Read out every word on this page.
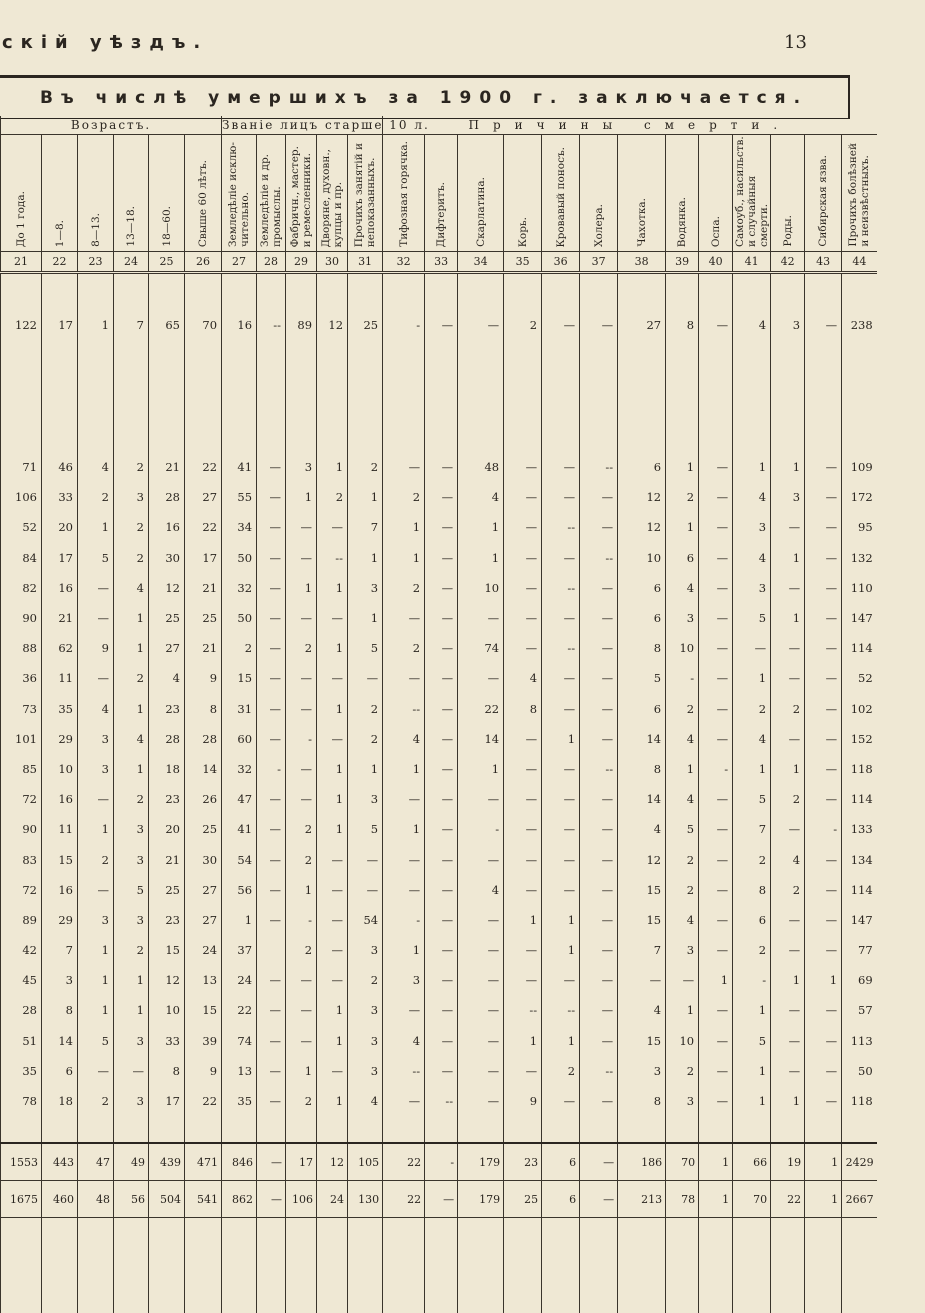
скій уѣздъ.	13
Въ числѣ умершихъ за 1900 г. заключается.
Возрастъ.						Званіе лицъ старше 10 л.					Причины смерти.												

До 1 года.	1—8.	8—13.	13—18.	18—60.	Свыше 60 лѣтъ.	Земледѣліе исклю-
чительно.	Земледѣліе и др.
промыслы.	Фабричн., мастер.
и ремесленники.	Дворяне, духовн.,
купцы и пр.	Прочихъ занятій и
непоказанныхъ.	Тифозная горячка.	Дифтеритъ.	Скарлатина.	Корь.	Кровавый поносъ.	Холера.	Чахотка.	Водянка.	Оспа.	Самоуб., насильств.
и случайныя смерти.	Роды.	Сибирская язва.	Прочихъ болѣзней
и неизвѣстныхъ.

21	22	23	24	25	26	27	28	29	30	31	32	33	34	35	36	37	38	39	40	41	42	43	44

122	17	1	7	65	70	16	--	89	12	25	-	—	—	2	—	—	27	8	—	4	3	—	238

71	46	4	2	21	22	41	—	3	1	2	—	—	48	—	—	--	6	1	—	1	1	—	109
106	33	2	3	28	27	55	—	1	2	1	2	—	4	—	—	—	12	2	—	4	3	—	172
52	20	1	2	16	22	34	—	—	—	7	1	—	1	—	--	—	12	1	—	3	—	—	95
84	17	5	2	30	17	50	—	—	--	1	1	—	1	—	—	--	10	6	—	4	1	—	132
82	16	—	4	12	21	32	—	1	1	3	2	—	10	—	--	—	6	4	—	3	—	—	110
90	21	—	1	25	25	50	—	—	—	1	—	—	—	—	—	—	6	3	—	5	1	—	147
88	62	9	1	27	21	2	—	2	1	5	2	—	74	—	--	—	8	10	—	—	—	—	114
36	11	—	2	4	9	15	—	—	—	—	—	—	—	4	—	—	5	-	—	1	—	—	52
73	35	4	1	23	8	31	—	—	1	2	--	—	22	8	—	—	6	2	—	2	2	—	102
101	29	3	4	28	28	60	—	-	—	2	4	—	14	—	1	—	14	4	—	4	—	—	152
85	10	3	1	18	14	32	-	—	1	1	1	—	1	—	—	--	8	1	-	1	1	—	118
72	16	—	2	23	26	47	—	—	1	3	—	—	—	—	—	—	14	4	—	5	2	—	114
90	11	1	3	20	25	41	—	2	1	5	1	—	-	—	—	—	4	5	—	7	—	-	133
83	15	2	3	21	30	54	—	2	—	—	—	—	—	—	—	—	12	2	—	2	4	—	134
72	16	—	5	25	27	56	—	1	—	—	—	—	4	—	—	—	15	2	—	8	2	—	114
89	29	3	3	23	27	1	—	-	—	54	-	—	—	1	1	—	15	4	—	6	—	—	147
42	7	1	2	15	24	37		2	—	3	1	—	—	—	1	—	7	3	—	2	—	—	77
45	3	1	1	12	13	24	—	—	—	2	3	—	—	—	—	—	—	—	1	-	1	1	69
28	8	1	1	10	15	22	—	—	1	3	—	—	—	--	--	—	4	1	—	1	—	—	57
51	14	5	3	33	39	74	—	—	1	3	4	—	—	1	1	—	15	10	—	5	—	—	113
35	6	—	—	8	9	13	—	1	—	3	--	—	—	—	2	--	3	2	—	1	—	—	50
78	18	2	3	17	22	35	—	2	1	4	—	--	—	9	—	—	8	3	—	1	1	—	118

1553	443	47	49	439	471	846	—	17	12	105	22	-	179	23	6	—	186	70	1	66	19	1	2429
1675	460	48	56	504	541	862	—	106	24	130	22	—	179	25	6	—	213	78	1	70	22	1	2667
